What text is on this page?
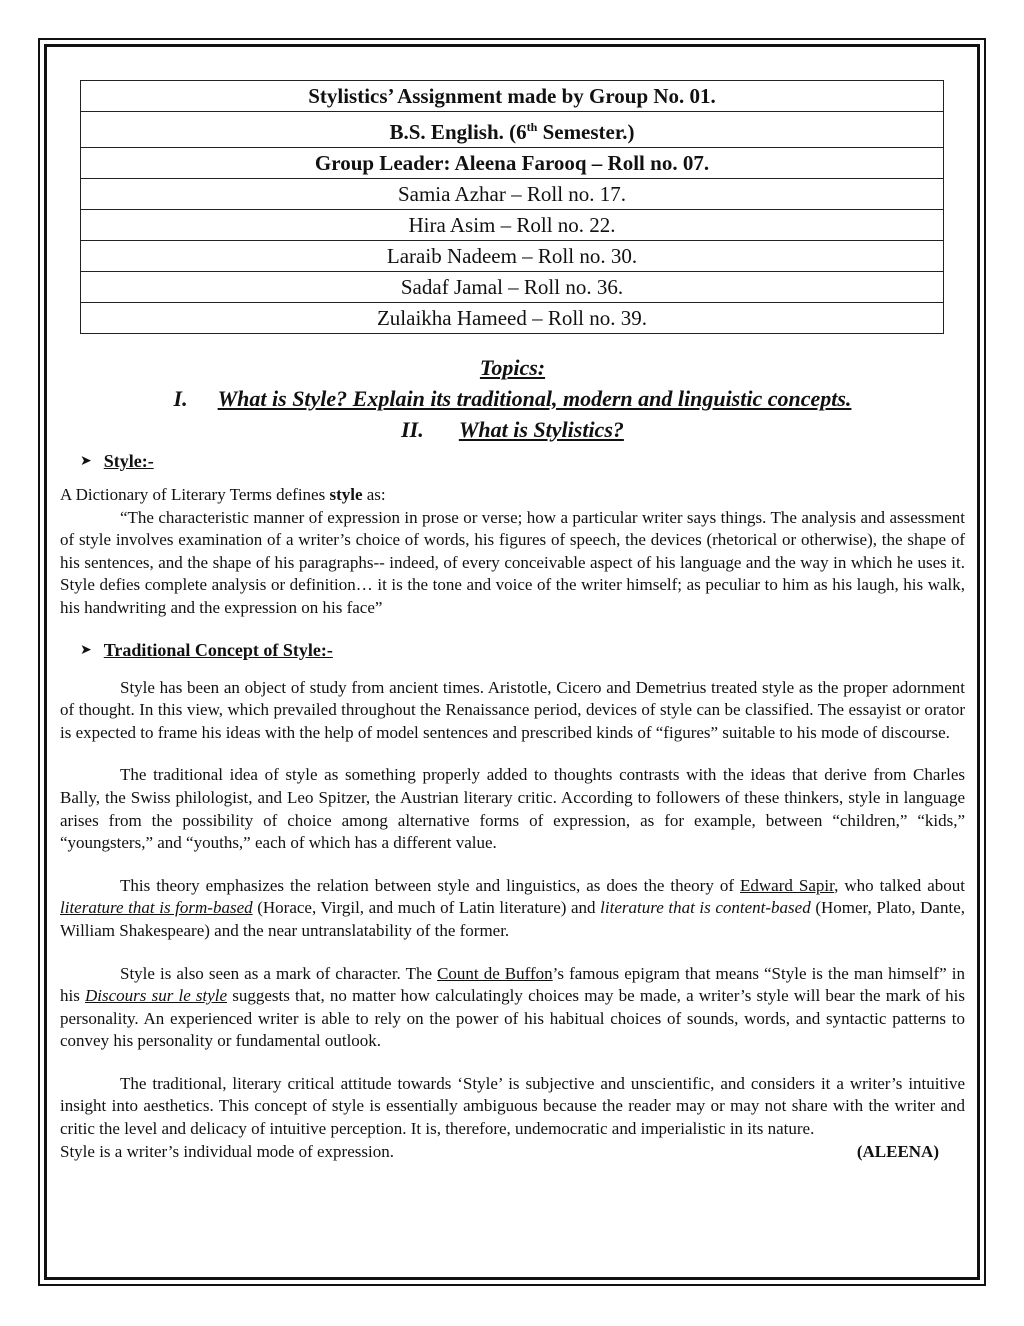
Stylistics’ Assignment made by Group No. 01.
B.S. English. (6th Semester.)
Group Leader: Aleena Farooq – Roll no. 07.
Samia Azhar – Roll no. 17.
Hira Asim – Roll no. 22.
Laraib Nadeem – Roll no. 30.
Sadaf Jamal – Roll no. 36.
Zulaikha Hameed – Roll no. 39.
Topics:
I. What is Style? Explain its traditional, modern and linguistic concepts.
II. What is Stylistics?
➤ Style:-

A Dictionary of Literary Terms defines style as:

“The characteristic manner of expression in prose or verse; how a particular writer says things. The analysis and assessment of style involves examination of a writer’s choice of words, his figures of speech, the devices (rhetorical or otherwise), the shape of his sentences, and the shape of his paragraphs-- indeed, of every conceivable aspect of his language and the way in which he uses it. Style defies complete analysis or definition… it is the tone and voice of the writer himself; as peculiar to him as his laugh, his walk, his handwriting and the expression on his face”

➤ Traditional Concept of Style:-

Style has been an object of study from ancient times. Aristotle, Cicero and Demetrius treated style as the proper adornment of thought. In this view, which prevailed throughout the Renaissance period, devices of style can be classified. The essayist or orator is expected to frame his ideas with the help of model sentences and prescribed kinds of “figures” suitable to his mode of discourse.

The traditional idea of style as something properly added to thoughts contrasts with the ideas that derive from Charles Bally, the Swiss philologist, and Leo Spitzer, the Austrian literary critic. According to followers of these thinkers, style in language arises from the possibility of choice among alternative forms of expression, as for example, between “children,” “kids,” “youngsters,” and “youths,” each of which has a different value.

This theory emphasizes the relation between style and linguistics, as does the theory of Edward Sapir, who talked about literature that is form-based (Horace, Virgil, and much of Latin literature) and literature that is content-based (Homer, Plato, Dante, William Shakespeare) and the near untranslatability of the former.

Style is also seen as a mark of character. The Count de Buffon’s famous epigram that means “Style is the man himself” in his Discours sur le style suggests that, no matter how calculatingly choices may be made, a writer’s style will bear the mark of his personality. An experienced writer is able to rely on the power of his habitual choices of sounds, words, and syntactic patterns to convey his personality or fundamental outlook.

The traditional, literary critical attitude towards ‘Style’ is subjective and unscientific, and considers it a writer’s intuitive insight into aesthetics. This concept of style is essentially ambiguous because the reader may or may not share with the writer and critic the level and delicacy of intuitive perception. It is, therefore, undemocratic and imperialistic in its nature.

Style is a writer’s individual mode of expression.	(ALEENA)
